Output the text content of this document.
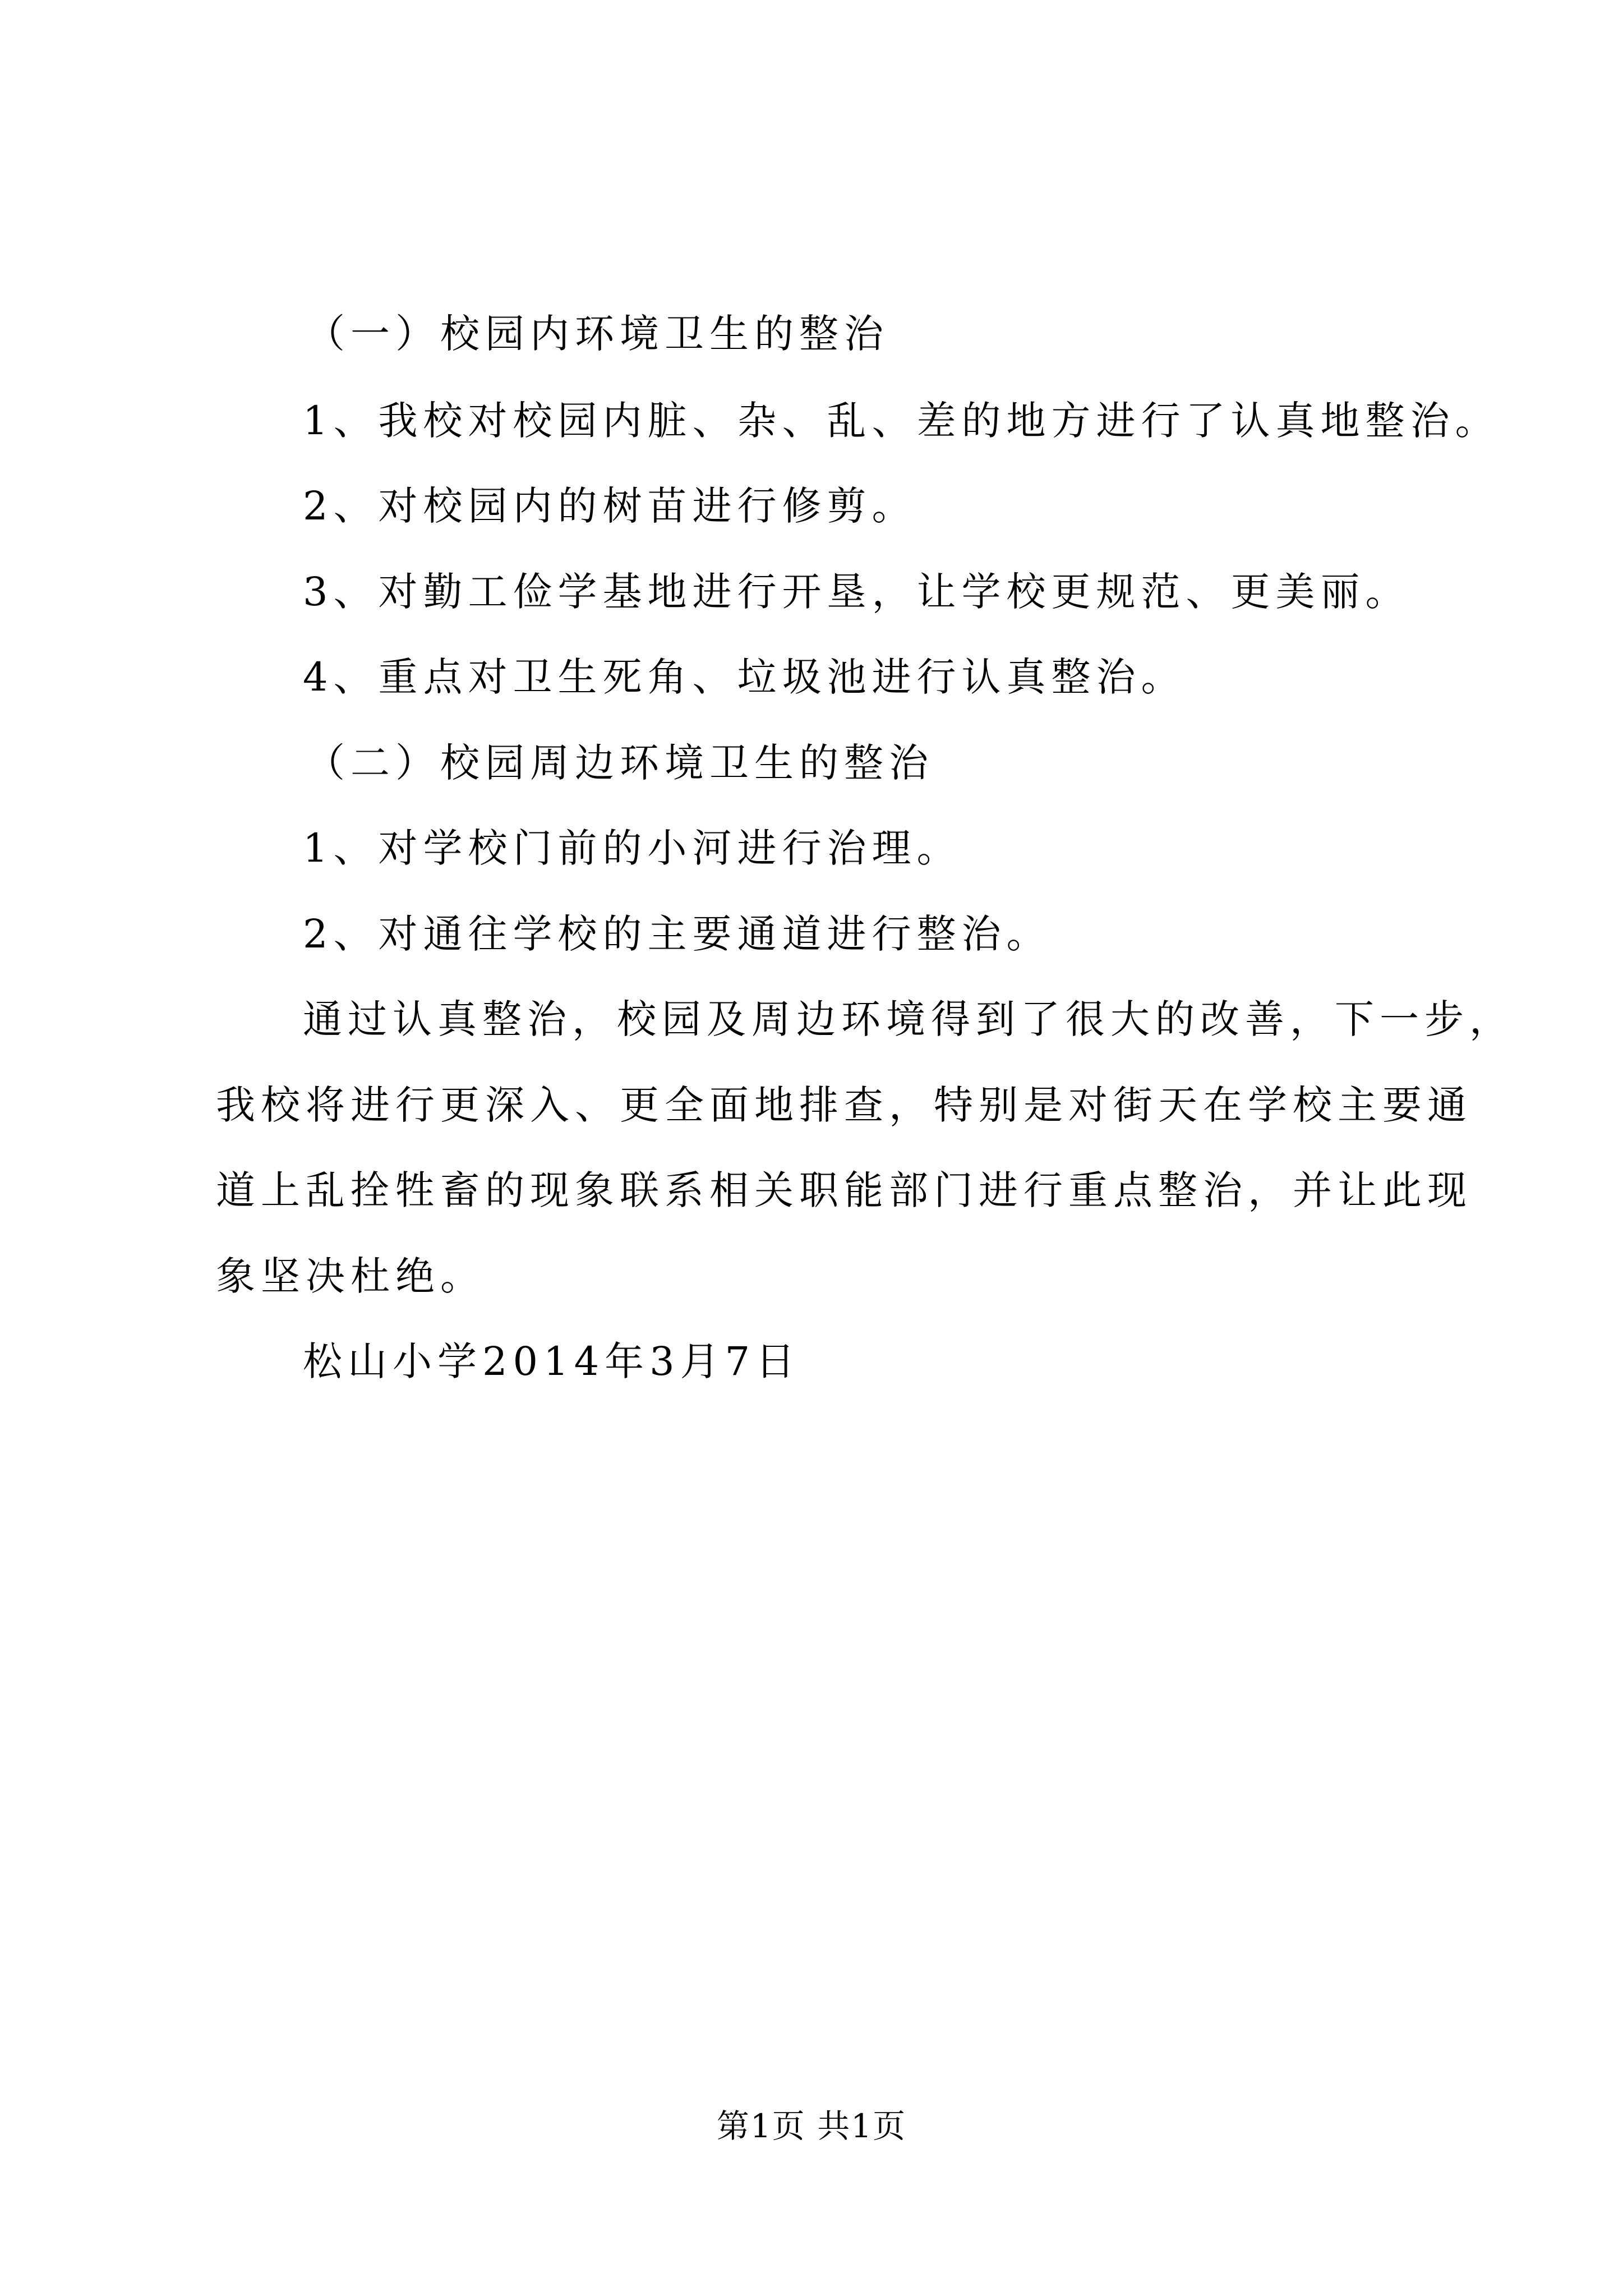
（一）校园内环境卫生的整治
1、我校对校园内脏、杂、乱、差的地方进行了认真地整治。
2、对校园内的树苗进行修剪。
3、对勤工俭学基地进行开垦，让学校更规范、更美丽。
4、重点对卫生死角、垃圾池进行认真整治。
（二）校园周边环境卫生的整治
1、对学校门前的小河进行治理。
2、对通往学校的主要通道进行整治。
通过认真整治，校园及周边环境得到了很大的改善，下一步，
我校将进行更深入、更全面地排查，特别是对街天在学校主要通
道上乱拴牲畜的现象联系相关职能部门进行重点整治，并让此现
象坚决杜绝。
松山小学2014年3月7日
第1页 共1页
